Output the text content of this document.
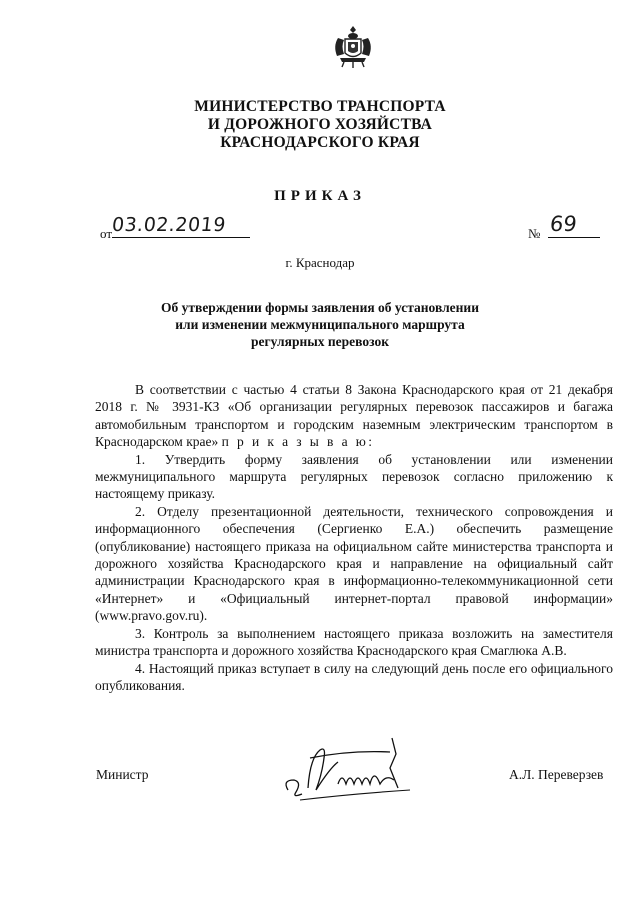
МИНИСТЕРСТВО ТРАНСПОРТА
И ДОРОЖНОГО ХОЗЯЙСТВА
КРАСНОДАРСКОГО КРАЯ
ПРИКАЗ
от
03.02.2019	№ 69
г. Краснодар
Об утверждении формы заявления об установлении
или изменении межмуниципального маршрута
регулярных перевозок

В соответствии с частью 4 статьи 8 Закона Краснодарского края от 21 декабря 2018 г. № 3931-КЗ «Об организации регулярных перевозок пассажиров и багажа автомобильным транспортом и городским наземным электрическим транспортом в Краснодарском крае» п р и к а з ы в а ю:

1. Утвердить форму заявления об установлении или изменении межмуниципального маршрута регулярных перевозок согласно приложению к настоящему приказу.

2. Отделу презентационной деятельности, технического сопровождения и информационного обеспечения (Сергиенко Е.А.) обеспечить размещение (опубликование) настоящего приказа на официальном сайте министерства транспорта и дорожного хозяйства Краснодарского края и направление на официальный сайт администрации Краснодарского края в информационно-телекоммуникационной сети «Интернет» и «Официальный интернет-портал правовой информации» (www.pravo.gov.ru).

3. Контроль за выполнением настоящего приказа возложить на заместителя министра транспорта и дорожного хозяйства Краснодарского края Смаглюка А.В.

4. Настоящий приказ вступает в силу на следующий день после его официального опубликования.

Министр	А.Л. Переверзев
